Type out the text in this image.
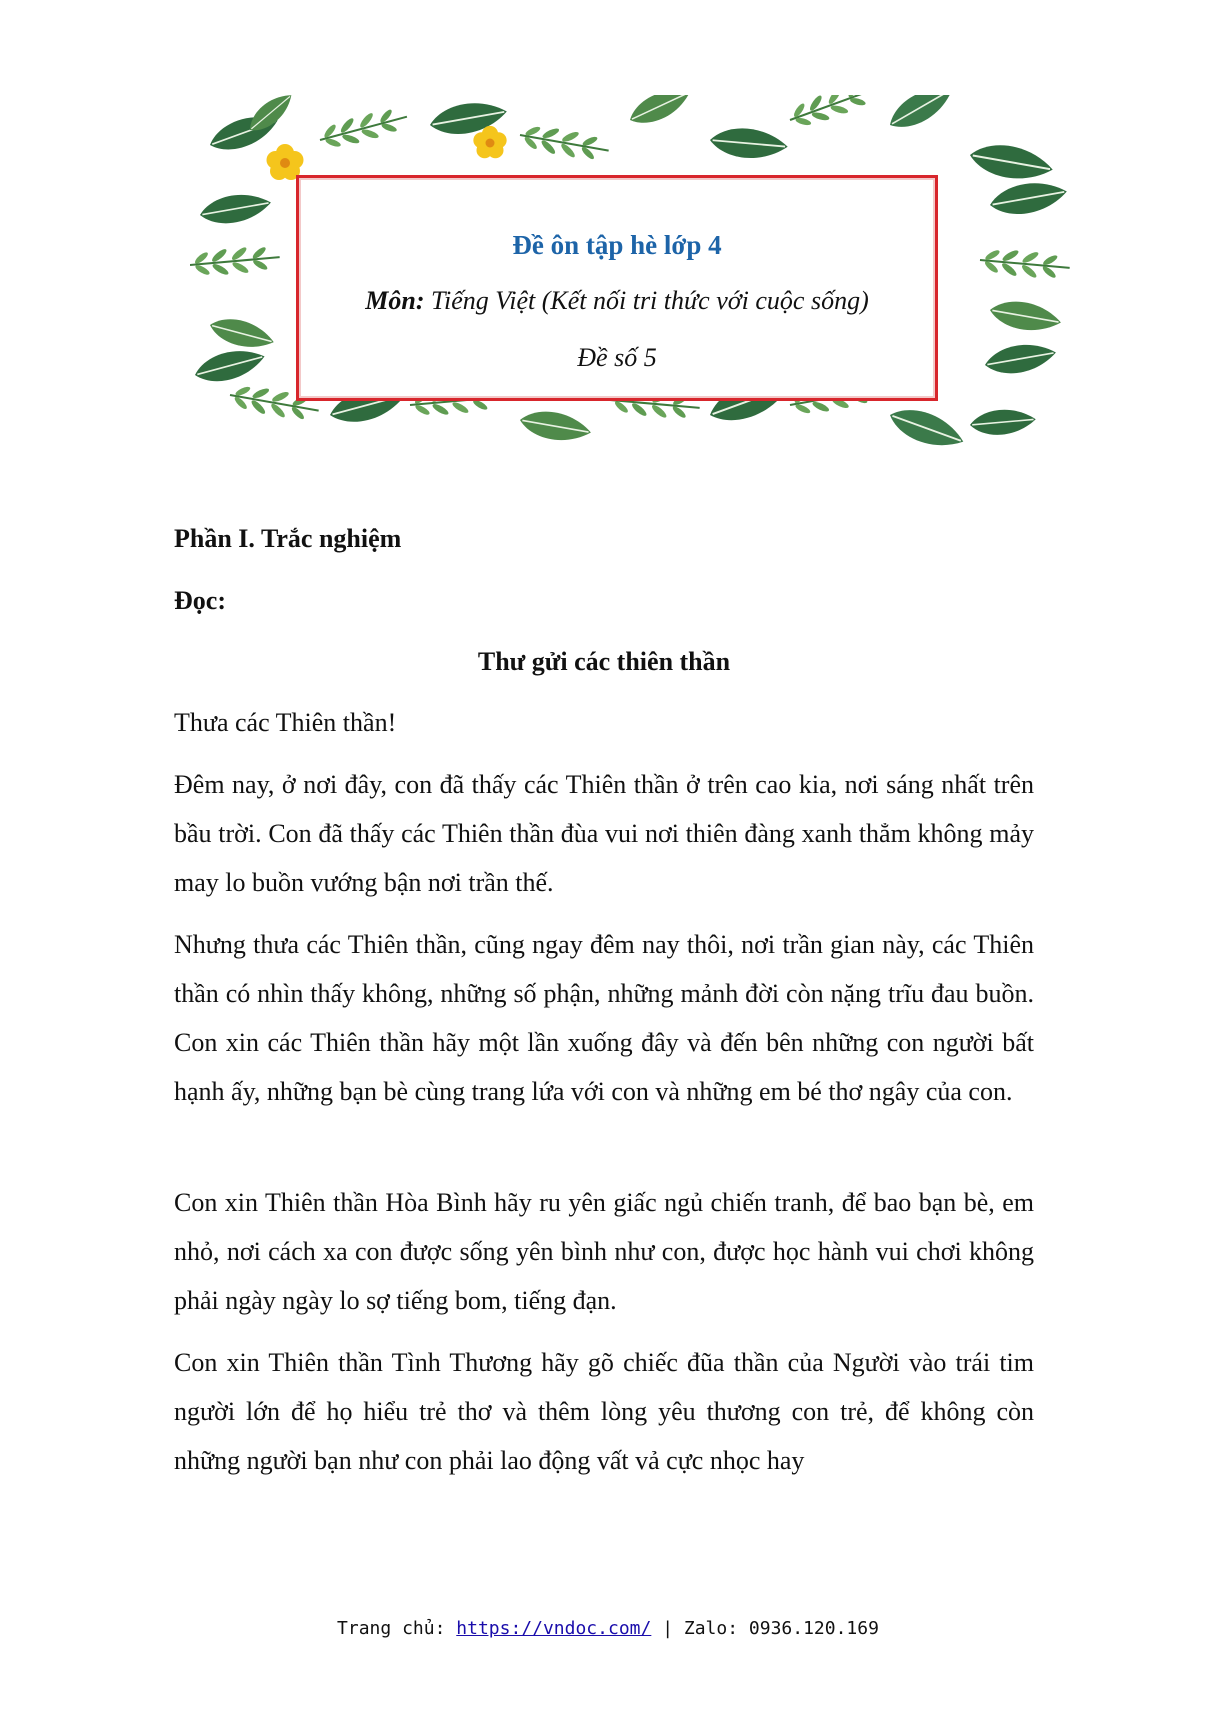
Đề ôn tập hè lớp 4
Môn: Tiếng Việt (Kết nối tri thức với cuộc sống)
Đề số 5
Phần I. Trắc nghiệm
Đọc:
Thư gửi các thiên thần
Thưa các Thiên thần!
Đêm nay, ở nơi đây, con đã thấy các Thiên thần ở trên cao kia, nơi sáng nhất trên bầu trời. Con đã thấy các Thiên thần đùa vui nơi thiên đàng xanh thẳm không mảy may lo buồn vướng bận nơi trần thế.
Nhưng thưa các Thiên thần, cũng ngay đêm nay thôi, nơi trần gian này, các Thiên thần có nhìn thấy không, những số phận, những mảnh đời còn nặng trĩu đau buồn. Con xin các Thiên thần hãy một lần xuống đây và đến bên những con người bất hạnh ấy, những bạn bè cùng trang lứa với con và những em bé thơ ngây của con.
Con xin Thiên thần Hòa Bình hãy ru yên giấc ngủ chiến tranh, để bao bạn bè, em nhỏ, nơi cách xa con được sống yên bình như con, được học hành vui chơi không phải ngày ngày lo sợ tiếng bom, tiếng đạn.
Con xin Thiên thần Tình Thương hãy gõ chiếc đũa thần của Người vào trái tim người lớn để họ hiểu trẻ thơ và thêm lòng yêu thương con trẻ, để không còn những người bạn như con phải lao động vất vả cực nhọc hay
Trang chủ: https://vndoc.com/ | Zalo: 0936.120.169
